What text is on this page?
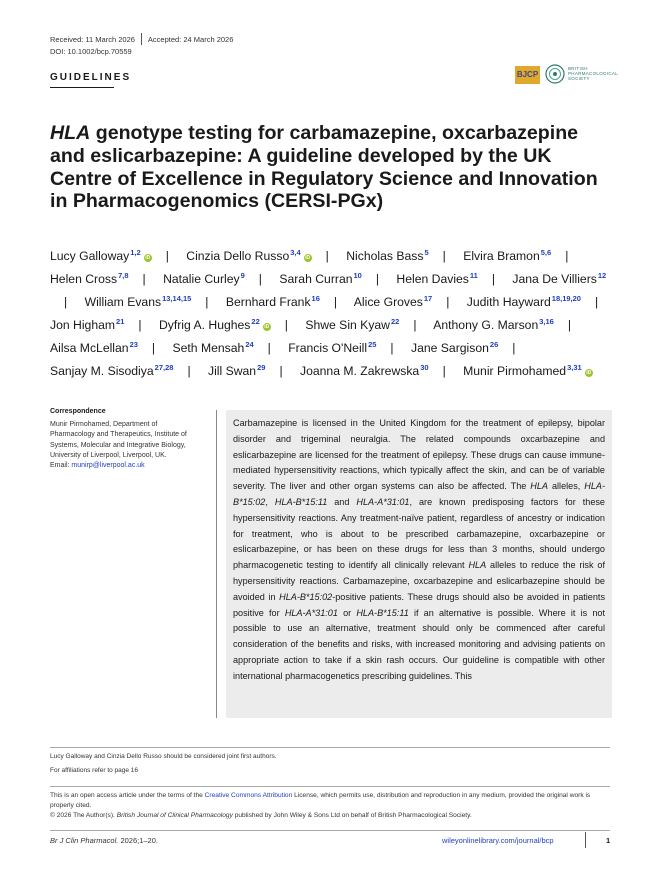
Received: 11 March 2026 Accepted: 24 March 2026
DOI: 10.1002/bcp.70559
GUIDELINES	BJCP
BRITISH PHARMACOLOGICAL SOCIETY
HLA genotype testing for carbamazepine, oxcarbazepine and eslicarbazepine: A guideline developed by the UK Centre of Excellence in Regulatory Science and Innovation in Pharmacogenomics (CERSI-PGx)
Lucy Galloway$^{1,2}$iD | Cinzia Dello Russo$^{3,4}$iD | Nicholas Bass$^5$ | Elvira Bramon$^{5,6}$ | Helen Cross$^{7,8}$ | Natalie Curley$^9$ | Sarah Curran$^{10}$ | Helen Davies$^{11}$ | Jana De Villiers$^{12}$| William Evans$^{13,14,15}$ | Bernhard Frank$^{16}$ | Alice Groves$^{17}$ | Judith Hayward$^{18,19,20}$ | Jon Higham$^{21}$ | Dyfrig A. Hughes$^{22}$iD | Shwe Sin Kyaw$^{22}$ | Anthony G. Marson$^{3,16}$ | Ailsa McLellan$^{23}$ | Seth Mensah$^{24}$ | Francis O'Neill$^{25}$ | Jane Sargison$^{26}$ | Sanjay M. Sisodiya$^{27,28}$ | Jill Swan$^{29}$ | Joanna M. Zakrewska$^{30}$ | Munir Pirmohamed$^{3,31}$iD
Correspondence
Munir Pirmohamed, Department of Pharmacology and Therapeutics, Institute of Systems, Molecular and Integrative Biology, University of Liverpool, Liverpool, UK.
Email: munirp@liverpool.ac.uk

Carbamazepine is licensed in the United Kingdom for the treatment of epilepsy, bipolar disorder and trigeminal neuralgia. The related compounds oxcarbazepine and eslicarbazepine are licensed for the treatment of epilepsy. These drugs can cause immune-mediated hypersensitivity reactions, which typically affect the skin, and can be of variable severity. The liver and other organ systems can also be affected. The HLA alleles, HLA-B*15:02, HLA-B*15:11 and HLA-A*31:01, are known predisposing factors for these hypersensitivity reactions. Any treatment-naïve patient, regardless of ancestry or indication for treatment, who is about to be prescribed carbamazepine, oxcarbazepine or eslicarbazepine, or has been on these drugs for less than 3 months, should undergo pharmacogenetic testing to identify all clinically relevant HLA alleles to reduce the risk of hypersensitivity reactions. Carbamazepine, oxcarbazepine and eslicarbazepine should be avoided in HLA-B*15:02-positive patients. These drugs should also be avoided in patients positive for HLA-A*31:01 or HLA-B*15:11 if an alternative is possible. Where it is not possible to use an alternative, treatment should only be commenced after careful consideration of the benefits and risks, with increased monitoring and advising patients on appropriate action to take if a skin rash occurs. Our guideline is compatible with other international pharmacogenetics prescribing guidelines. This

Lucy Galloway and Cinzia Dello Russo should be considered joint first authors.
For affiliations refer to page 16
This is an open access article under the terms of the Creative Commons Attribution License, which permits use, distribution and reproduction in any medium, provided the original work is properly cited.
© 2026 The Author(s). British Journal of Clinical Pharmacology published by John Wiley & Sons Ltd on behalf of British Pharmacological Society.
Br J Clin Pharmacol. 2026;1–20.	wileyonlinelibrary.com/journal/bcp	1
